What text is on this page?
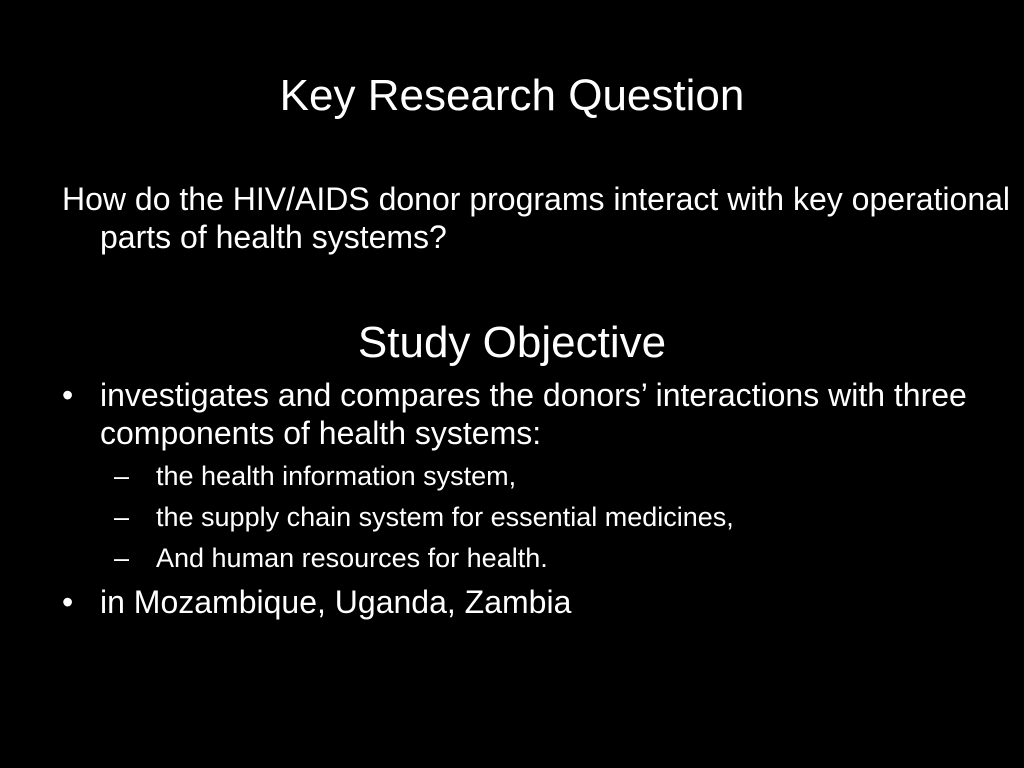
Key Research Question

How do the HIV/AIDS donor programs interact with key operational parts of health systems?

Study Objective
• investigates and compares the donors’ interactions with three components of health systems:
– the health information system,
– the supply chain system for essential medicines,
– And human resources for health.
• in Mozambique, Uganda, Zambia
